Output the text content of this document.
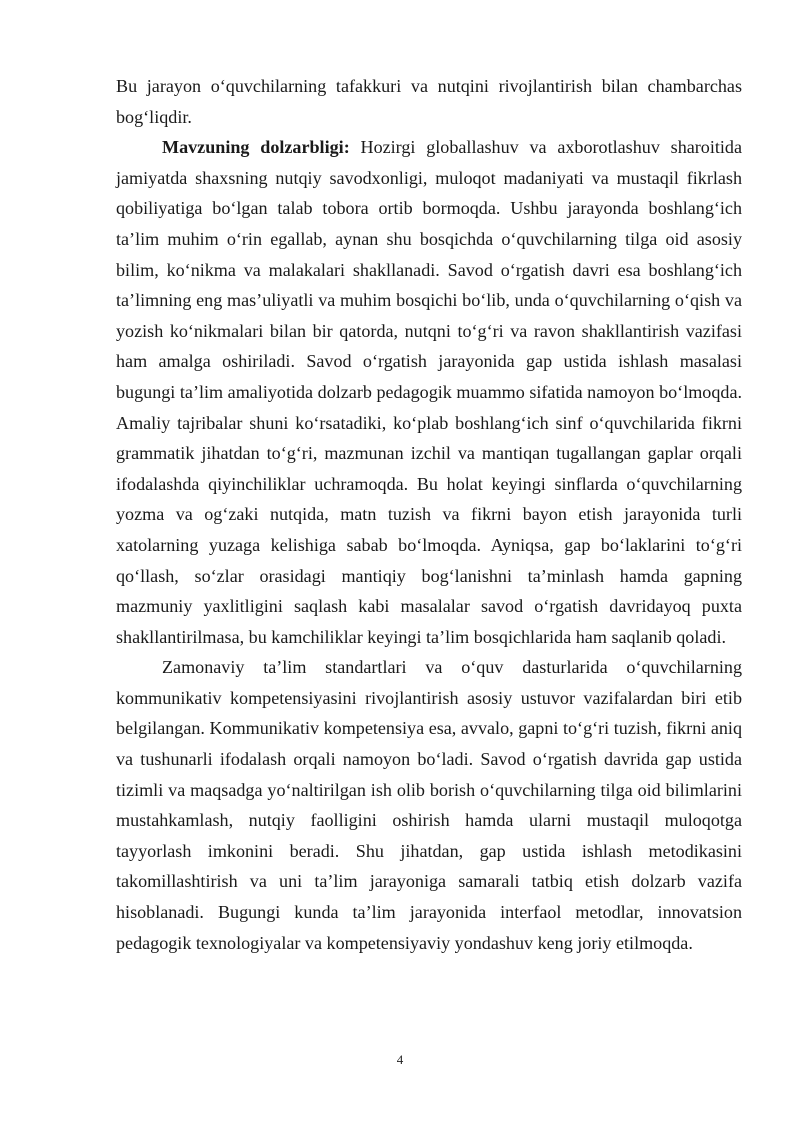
Bu jarayon o‘quvchilarning tafakkuri va nutqini rivojlantirish bilan chambarchas bog‘liqdir.

Mavzuning dolzarbligi: Hozirgi globallashuv va axborotlashuv sharoitida jamiyatda shaxsning nutqiy savodxonligi, muloqot madaniyati va mustaqil fikrlash qobiliyatiga bo‘lgan talab tobora ortib bormoqda. Ushbu jarayonda boshlang‘ich ta’lim muhim o‘rin egallab, aynan shu bosqichda o‘quvchilarning tilga oid asosiy bilim, ko‘nikma va malakalari shakllanadi. Savod o‘rgatish davri esa boshlang‘ich ta’limning eng mas’uliyatli va muhim bosqichi bo‘lib, unda o‘quvchilarning o‘qish va yozish ko‘nikmalari bilan bir qatorda, nutqni to‘g‘ri va ravon shakllantirish vazifasi ham amalga oshiriladi. Savod o‘rgatish jarayonida gap ustida ishlash masalasi bugungi ta’lim amaliyotida dolzarb pedagogik muammo sifatida namoyon bo‘lmoqda. Amaliy tajribalar shuni ko‘rsatadiki, ko‘plab boshlang‘ich sinf o‘quvchilarida fikrni grammatik jihatdan to‘g‘ri, mazmunan izchil va mantiqan tugallangan gaplar orqali ifodalashda qiyinchiliklar uchramoqda. Bu holat keyingi sinflarda o‘quvchilarning yozma va og‘zaki nutqida, matn tuzish va fikrni bayon etish jarayonida turli xatolarning yuzaga kelishiga sabab bo‘lmoqda. Ayniqsa, gap bo‘laklarini to‘g‘ri qo‘llash, so‘zlar orasidagi mantiqiy bog‘lanishni ta’minlash hamda gapning mazmuniy yaxlitligini saqlash kabi masalalar savod o‘rgatish davridayoq puxta shakllantirilmasa, bu kamchiliklar keyingi ta’lim bosqichlarida ham saqlanib qoladi.

Zamonaviy ta’lim standartlari va o‘quv dasturlarida o‘quvchilarning kommunikativ kompetensiyasini rivojlantirish asosiy ustuvor vazifalardan biri etib belgilangan. Kommunikativ kompetensiya esa, avvalo, gapni to‘g‘ri tuzish, fikrni aniq va tushunarli ifodalash orqali namoyon bo‘ladi. Savod o‘rgatish davrida gap ustida tizimli va maqsadga yo‘naltirilgan ish olib borish o‘quvchilarning tilga oid bilimlarini mustahkamlash, nutqiy faolligini oshirish hamda ularni mustaqil muloqotga tayyorlash imkonini beradi. Shu jihatdan, gap ustida ishlash metodikasini takomillashtirish va uni ta’lim jarayoniga samarali tatbiq etish dolzarb vazifa hisoblanadi. Bugungi kunda ta’lim jarayonida interfaol metodlar, innovatsion pedagogik texnologiyalar va kompetensiyaviy yondashuv keng joriy etilmoqda.

4
